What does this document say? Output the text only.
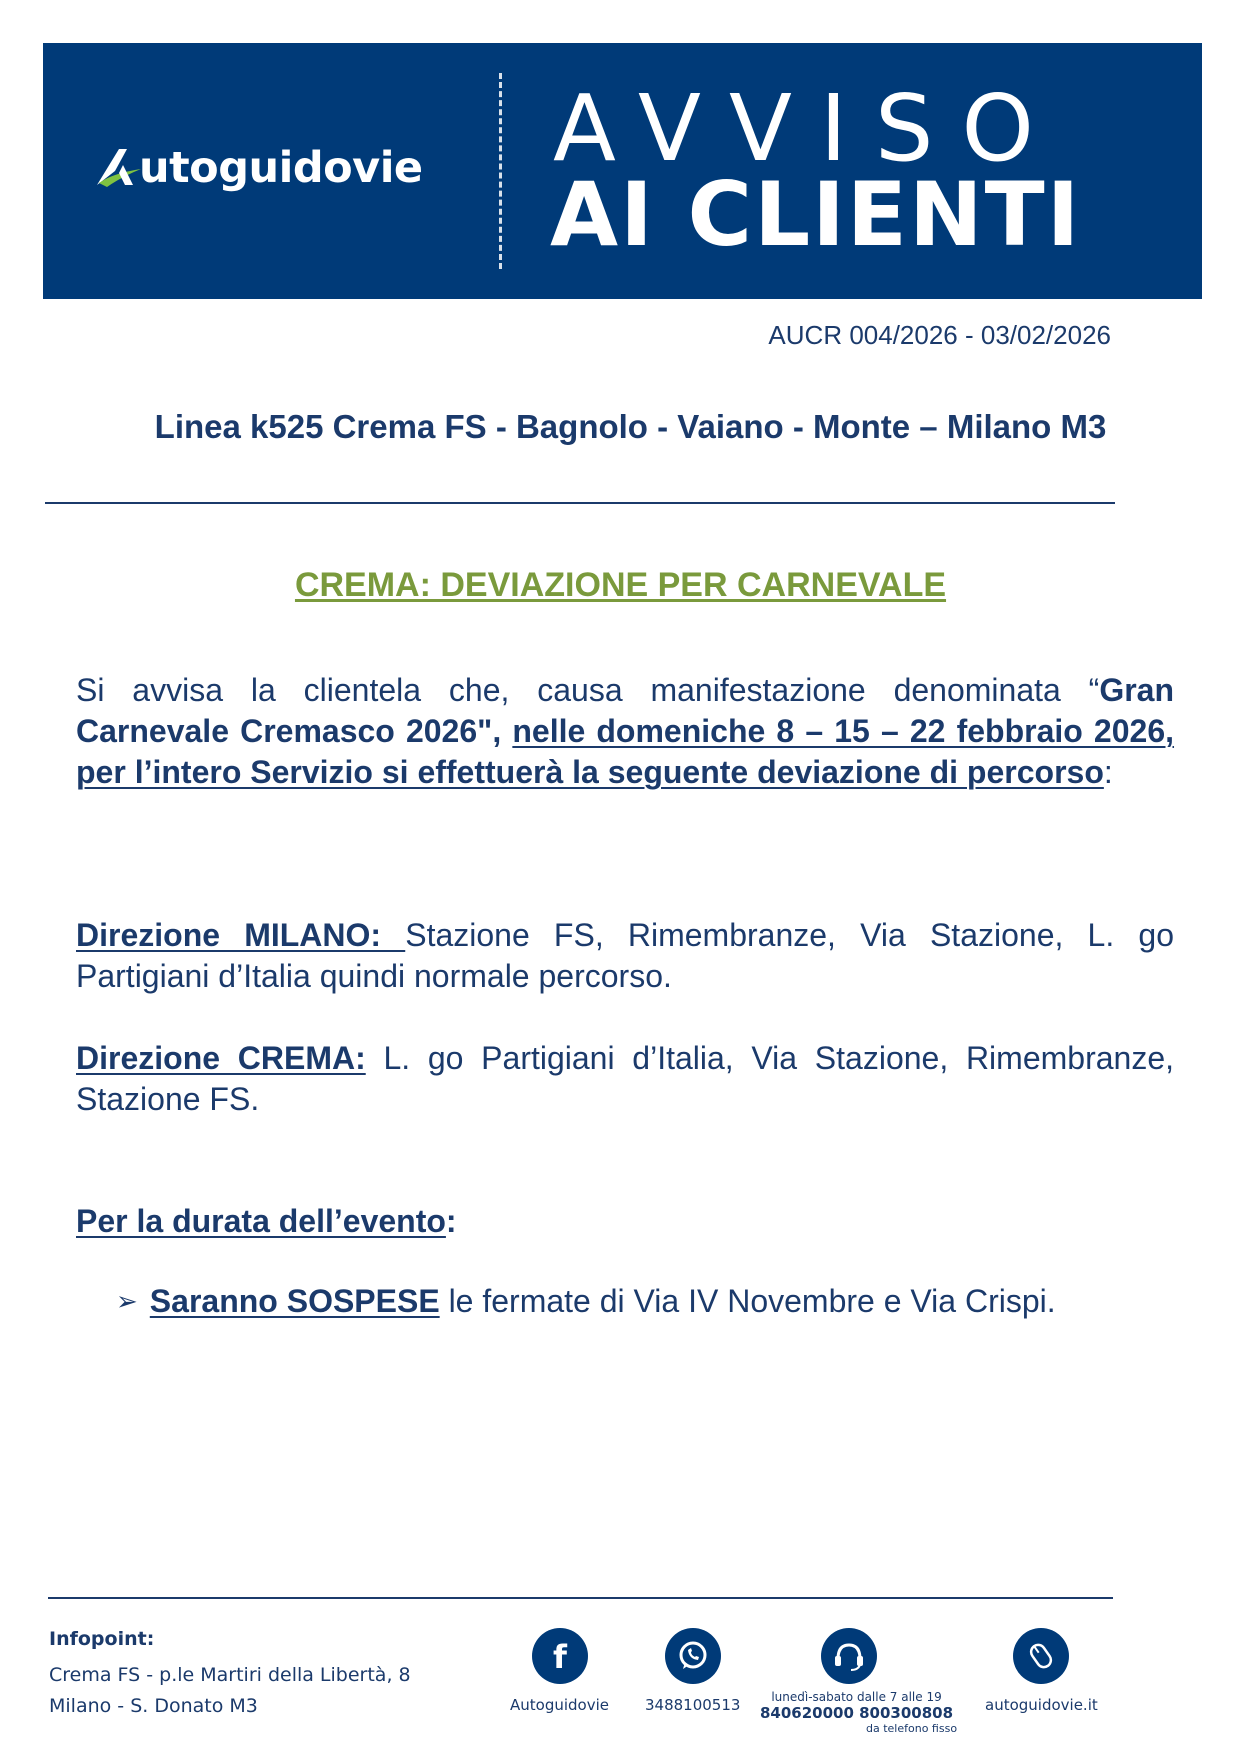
utoguidovie AVVISO
AI CLIENTI
AUCR 004/2026 - 03/02/2026
Linea k525 Crema FS - Bagnolo - Vaiano - Monte – Milano M3
CREMA: DEVIAZIONE PER CARNEVALE
Si avvisa la clientela che, causa manifestazione denominata “Gran Carnevale Cremasco 2026", nelle domeniche 8 – 15 – 22 febbraio 2026, per l’intero Servizio si effettuerà la seguente deviazione di percorso:
Direzione MILANO: Stazione FS, Rimembranze, Via Stazione, L. go Partigiani d’Italia quindi normale percorso.
Direzione CREMA: L. go Partigiani d’Italia, Via Stazione, Rimembranze, Stazione FS.
Per la durata dell’evento:
➢ Saranno SOSPESE le fermate di Via IV Novembre e Via Crispi.
Infopoint:
Crema FS - p.le Martiri della Libertà, 8
Milano - S. Donato M3
f
Autoguidovie 3488100513	lunedì-sabato dalle 7 alle 19
840620000 800300808
da telefono fisso
autoguidovie.it
